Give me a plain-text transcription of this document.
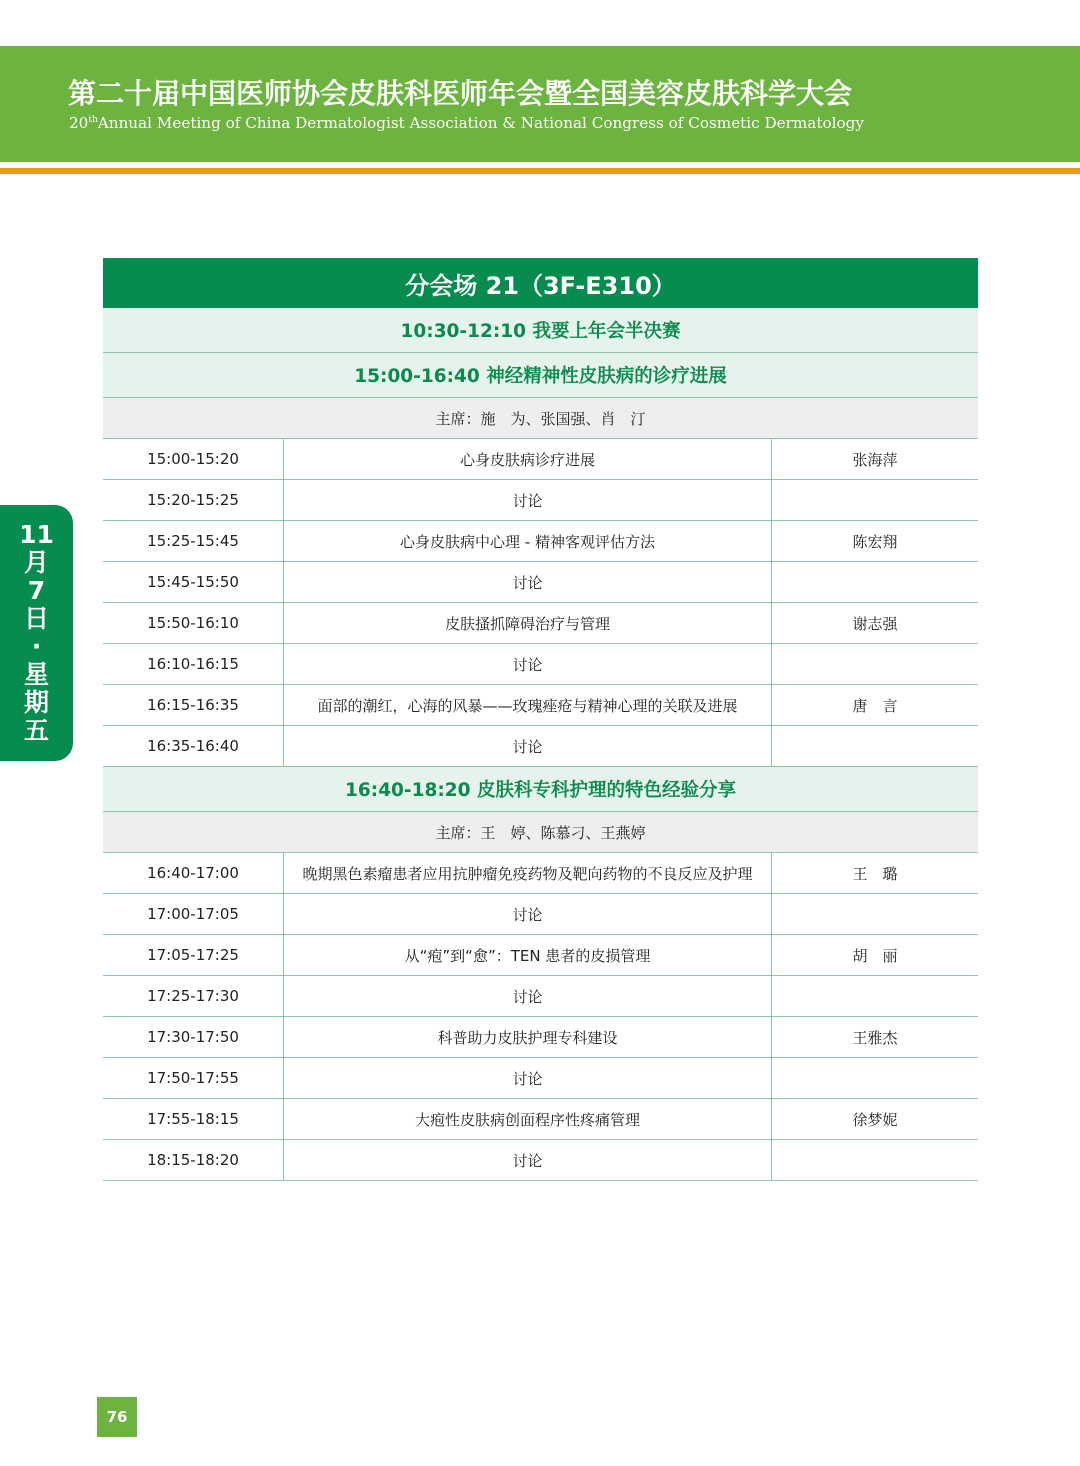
第二十届中国医师协会皮肤科医师年会暨全国美容皮肤科学大会
20thAnnual Meeting of China Dermatologist Association & National Congress of Cosmetic Dermatology
11
月
7
日
·
星
期
五
分会场 21（3F-E310）
10:30-12:10 我要上年会半决赛
15:00-16:40 神经精神性皮肤病的诊疗进展
主席：施　为、张国强、肖　汀
15:00-15:20	心身皮肤病诊疗进展	张海萍
15:20-15:25	讨论
15:25-15:45	心身皮肤病中心理 - 精神客观评估方法	陈宏翔
15:45-15:50	讨论
15:50-16:10	皮肤搔抓障碍治疗与管理	谢志强
16:10-16:15	讨论
16:15-16:35	面部的潮红，心海的风暴——玫瑰痤疮与精神心理的关联及进展	唐　言
16:35-16:40	讨论
16:40-18:20 皮肤科专科护理的特色经验分享
主席：王　婷、陈慕刁、王燕婷
16:40-17:00	晚期黑色素瘤患者应用抗肿瘤免疫药物及靶向药物的不良反应及护理	王　璐
17:00-17:05	讨论
17:05-17:25	从“疱”到“愈”：TEN 患者的皮损管理	胡　丽
17:25-17:30	讨论
17:30-17:50	科普助力皮肤护理专科建设	王雅杰
17:50-17:55	讨论
17:55-18:15	大疱性皮肤病创面程序性疼痛管理	徐梦妮
18:15-18:20	讨论
76
